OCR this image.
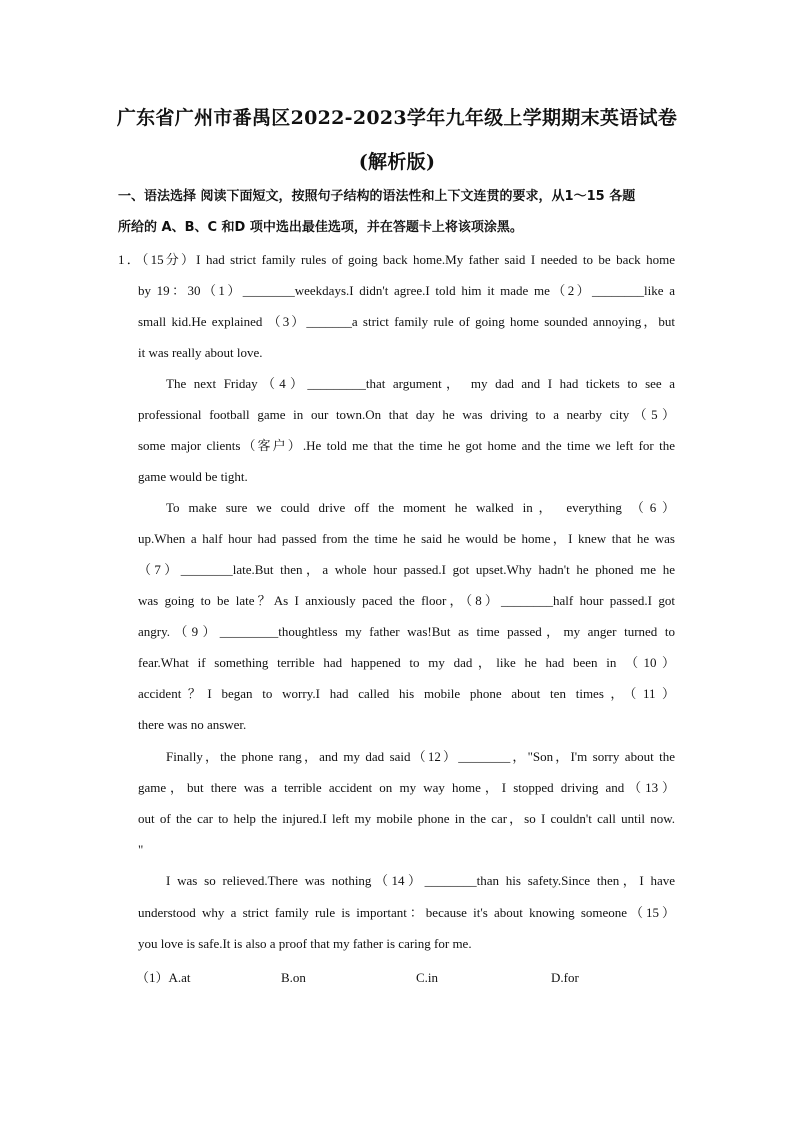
广东省广州市番禺区2022-2023学年九年级上学期期末英语试卷
(解析版)
一、语法选择 阅读下面短文，按照句子结构的语法性和上下文连贯的要求，从1～15 各题
所给的 A、B、C 和D 项中选出最佳选项，并在答题卡上将该项涂黑。
1．（15分）I had strict family rules of going back home.My father said I needed to be back home
by 19：30（1）________weekdays.I didn't agree.I told him it made me（2）________like a
small kid.He explained （3）_______a strict family rule of going home sounded annoying，but
it was really about love.
The next Friday（4）_________that argument， my dad and I had tickets to see a
professional football game in our town.On that day he was driving to a nearby city（5）
some major clients（客户）.He told me that the time he got home and the time we left for the
game would be tight.
To make sure we could drive off the moment he walked in， everything （6）
up.When a half hour had passed from the time he said he would be home，I knew that he was
（7）________late.But then，a whole hour passed.I got upset.Why hadn't he phoned me he
was going to be late？As I anxiously paced the floor，（8）________half hour passed.I got
angry.（9）_________thoughtless my father was!But as time passed，my anger turned to
fear.What if something terrible had happened to my dad，like he had been in （10）
accident？I began to worry.I had called his mobile phone about ten times，（11）
there was no answer.
Finally，the phone rang，and my dad said（12）________，"Son，I'm sorry about the
game，but there was a terrible accident on my way home，I stopped driving and（13）
out of the car to help the injured.I left my mobile phone in the car，so I couldn't call until now.
"
I was so relieved.There was nothing（14）________than his safety.Since then，I have
understood why a strict family rule is important：because it's about knowing someone（15）
you love is safe.It is also a proof that my father is caring for me.
（1）A.at	B.on	C.in	D.for
